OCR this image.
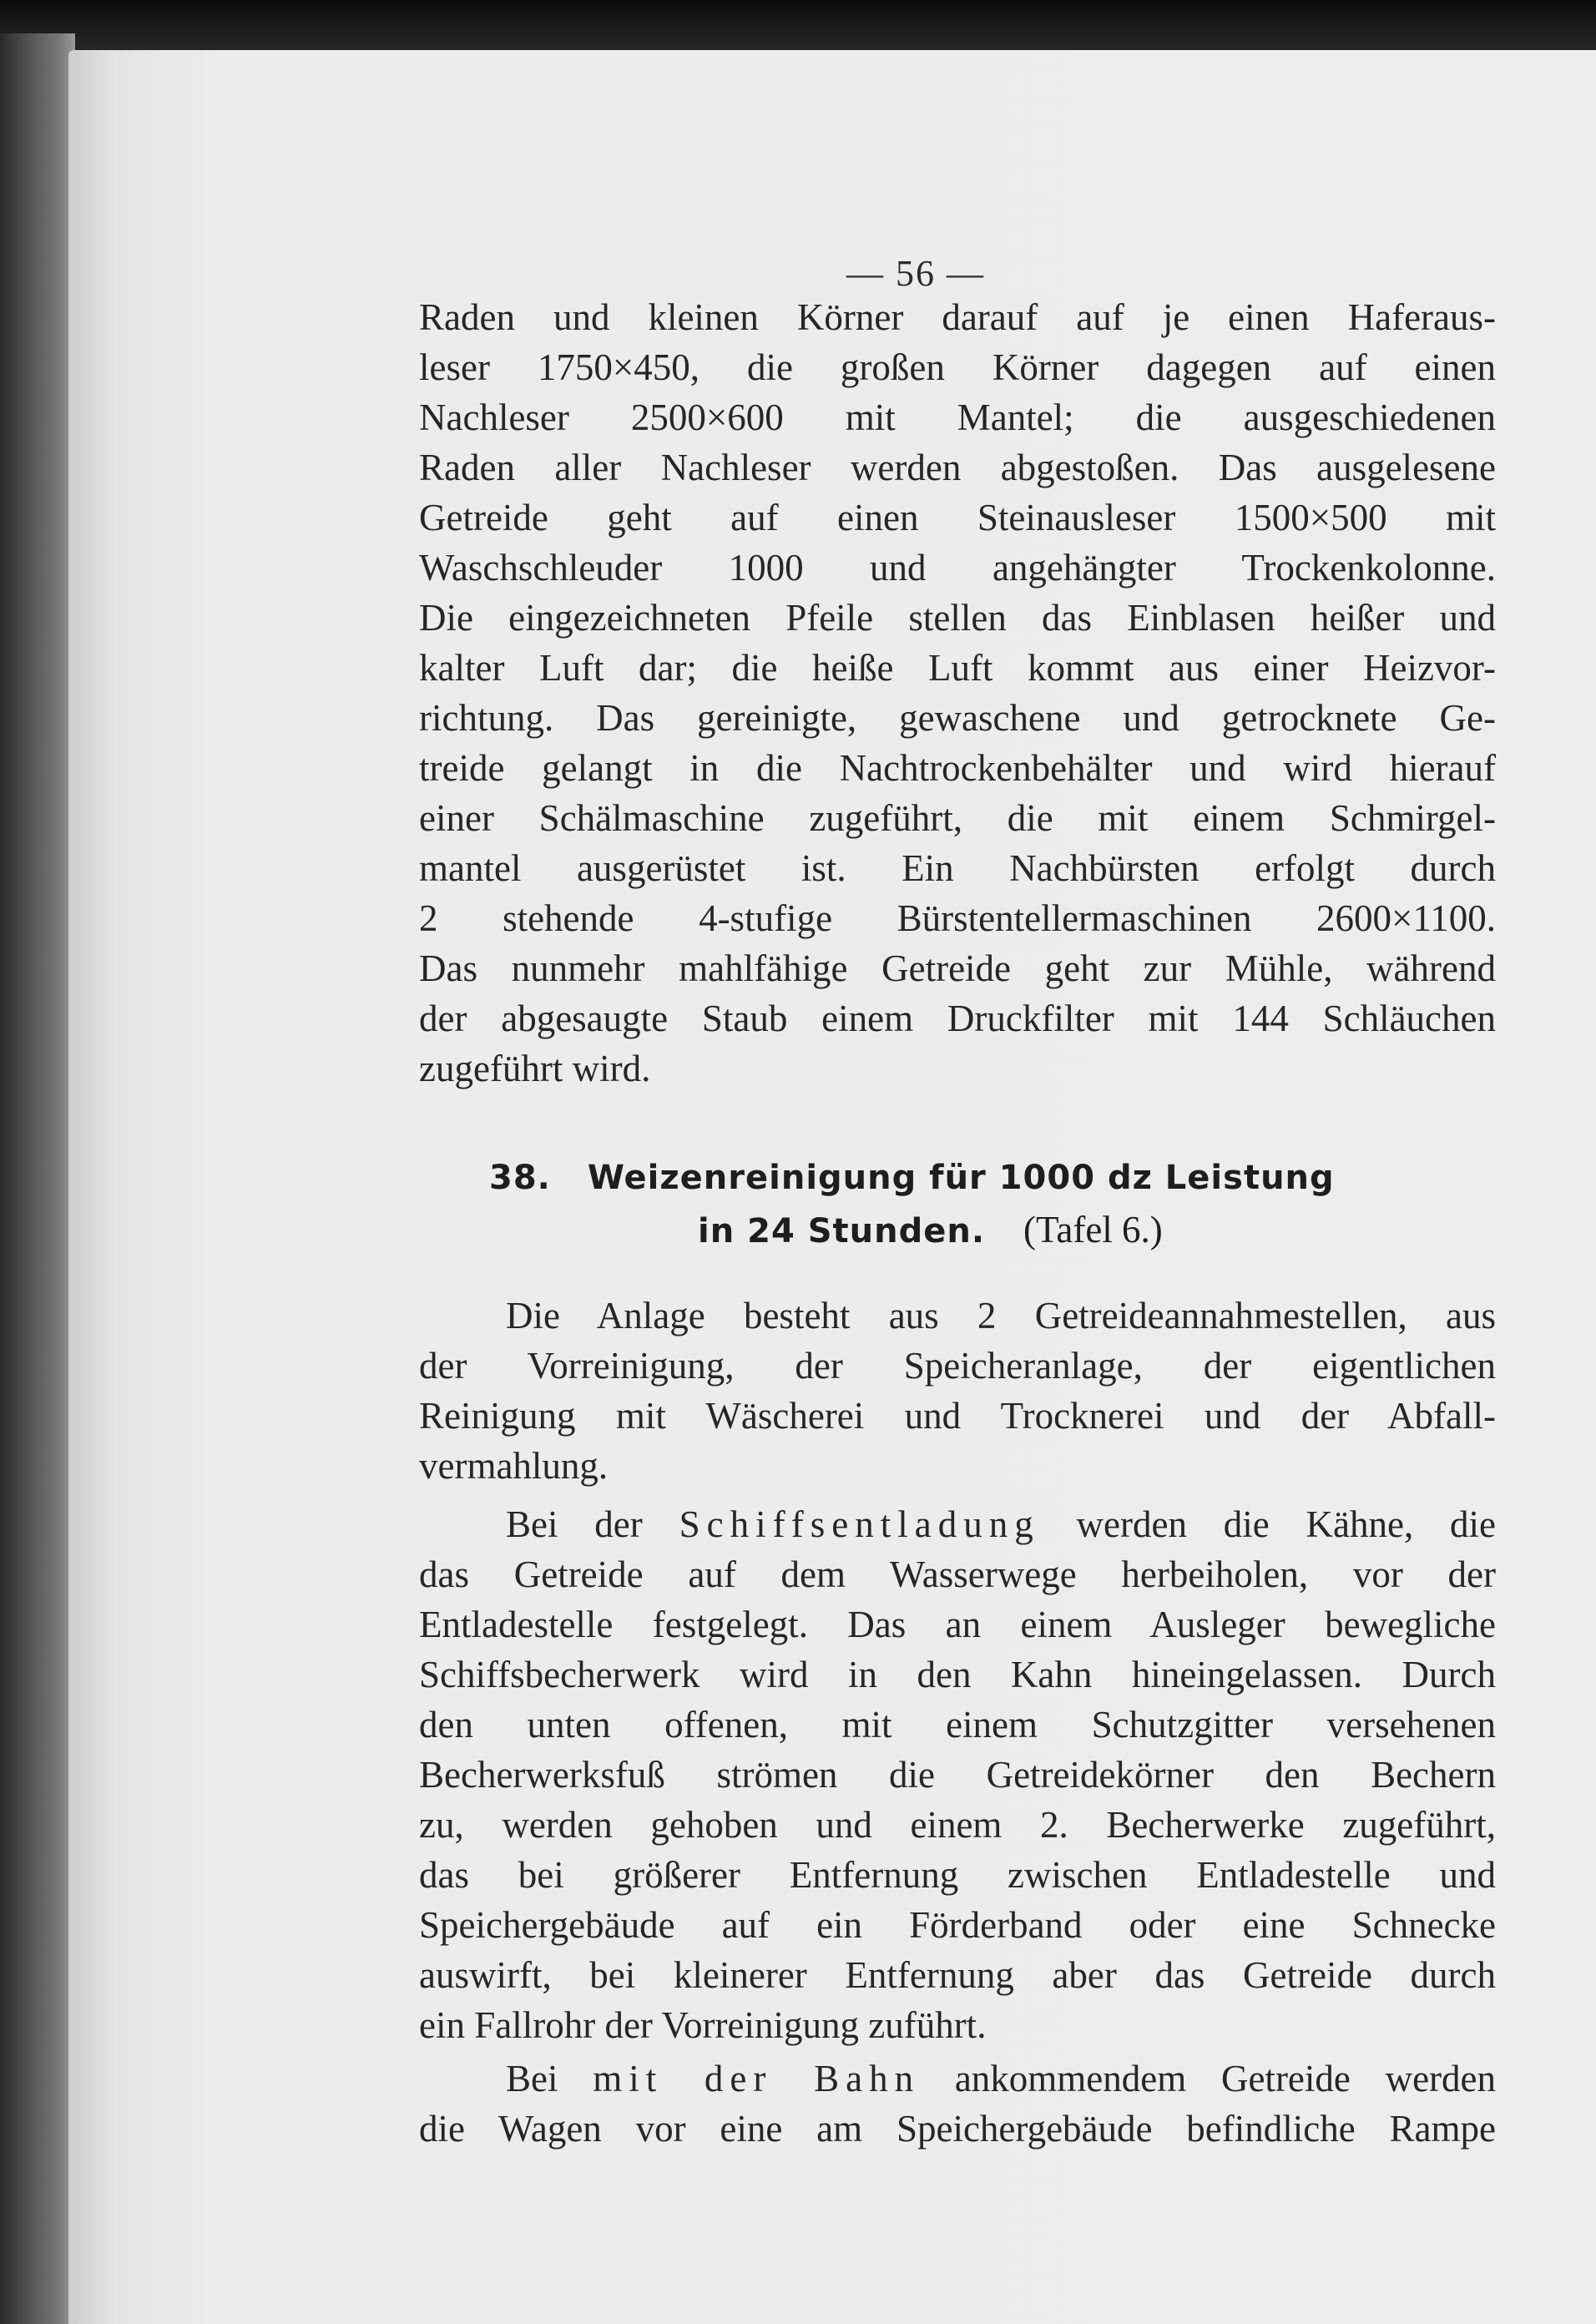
— 56 —
Raden und kleinen Körner darauf auf je einen Haferaus-
leser 1750×450, die großen Körner dagegen auf einen
Nachleser 2500×600 mit Mantel; die ausgeschiedenen
Raden aller Nachleser werden abgestoßen. Das ausgelesene
Getreide geht auf einen Steinausleser 1500×500 mit
Waschschleuder 1000 und angehängter Trockenkolonne.
Die eingezeichneten Pfeile stellen das Einblasen heißer und
kalter Luft dar; die heiße Luft kommt aus einer Heizvor-
richtung. Das gereinigte, gewaschene und getrocknete Ge-
treide gelangt in die Nachtrockenbehälter und wird hierauf
einer Schälmaschine zugeführt, die mit einem Schmirgel-
mantel ausgerüstet ist. Ein Nachbürsten erfolgt durch
2 stehende 4-stufige Bürstentellermaschinen 2600×1100.
Das nunmehr mahlfähige Getreide geht zur Mühle, während
der abgesaugte Staub einem Druckfilter mit 144 Schläuchen
zugeführt wird.
38. Weizenreinigung für 1000 dz Leistung
in 24 Stunden. (Tafel 6.)
Die Anlage besteht aus 2 Getreideannahmestellen, aus
der Vorreinigung, der Speicheranlage, der eigentlichen
Reinigung mit Wäscherei und Trocknerei und der Abfall-
vermahlung.
Bei der Schiffsentladung werden die Kähne, die
das Getreide auf dem Wasserwege herbeiholen, vor der
Entladestelle festgelegt. Das an einem Ausleger bewegliche
Schiffsbecherwerk wird in den Kahn hineingelassen. Durch
den unten offenen, mit einem Schutzgitter versehenen
Becherwerksfuß strömen die Getreidekörner den Bechern
zu, werden gehoben und einem 2. Becherwerke zugeführt,
das bei größerer Entfernung zwischen Entladestelle und
Speichergebäude auf ein Förderband oder eine Schnecke
auswirft, bei kleinerer Entfernung aber das Getreide durch
ein Fallrohr der Vorreinigung zuführt.
Bei mit der Bahn ankommendem Getreide werden
die Wagen vor eine am Speichergebäude befindliche Rampe
